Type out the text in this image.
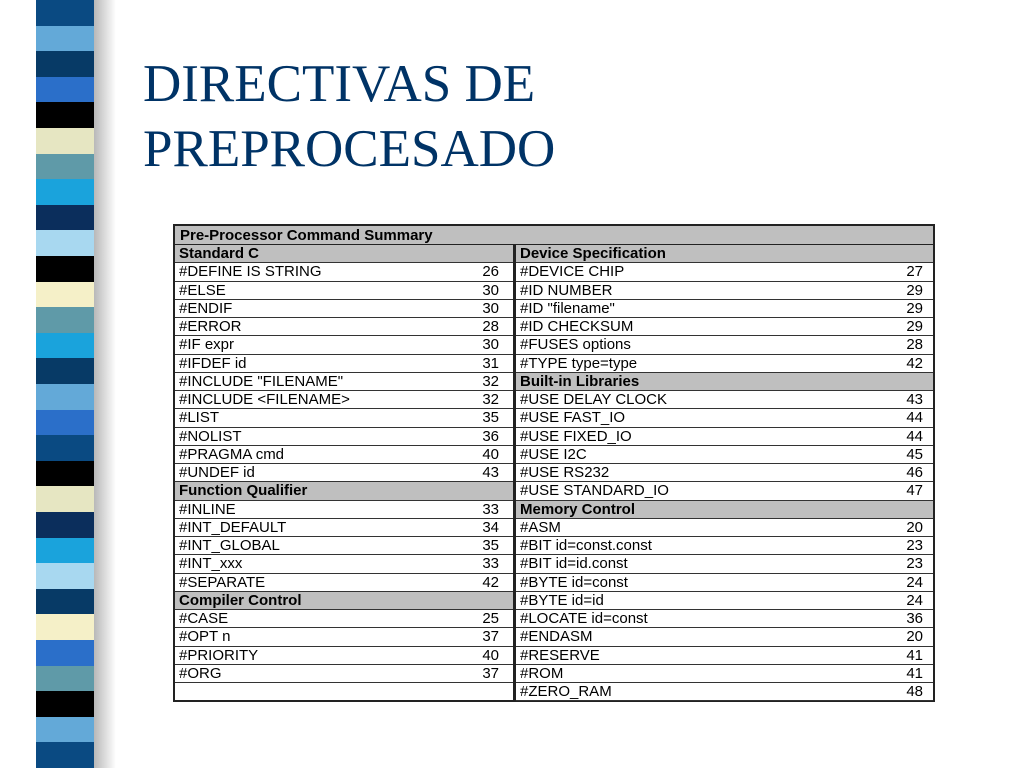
DIRECTIVAS DE
PREPROCESADO
Pre-Processor Command Summary
Standard C
#DEFINE IS STRING	26
#ELSE	30
#ENDIF	30
#ERROR	28
#IF expr	30
#IFDEF id	31
#INCLUDE "FILENAME"	32
#INCLUDE <FILENAME>	32
#LIST	35
#NOLIST	36
#PRAGMA cmd	40
#UNDEF id	43
Function Qualifier
#INLINE	33
#INT_DEFAULT	34
#INT_GLOBAL	35
#INT_xxx	33
#SEPARATE	42
Compiler Control
#CASE	25
#OPT n	37
#PRIORITY	40
#ORG	37
Device Specification
#DEVICE CHIP	27
#ID NUMBER	29
#ID "filename"	29
#ID CHECKSUM	29
#FUSES options	28
#TYPE type=type	42
Built-in Libraries
#USE DELAY CLOCK	43
#USE FAST_IO	44
#USE FIXED_IO	44
#USE I2C	45
#USE RS232	46
#USE STANDARD_IO	47
Memory Control
#ASM	20
#BIT id=const.const	23
#BIT id=id.const	23
#BYTE id=const	24
#BYTE id=id	24
#LOCATE id=const	36
#ENDASM	20
#RESERVE	41
#ROM	41
#ZERO_RAM	48
